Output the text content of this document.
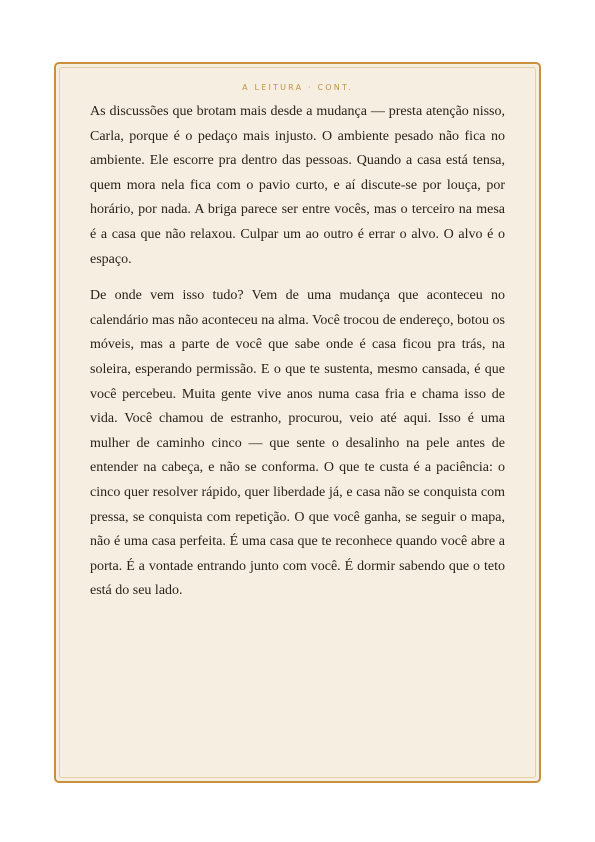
A LEITURA · CONT.

As discussões que brotam mais desde a mudança — presta atenção nisso, Carla, porque é o pedaço mais injusto. O ambiente pesado não fica no ambiente. Ele escorre pra dentro das pessoas. Quando a casa está tensa, quem mora nela fica com o pavio curto, e aí discute-se por louça, por horário, por nada. A briga parece ser entre vocês, mas o terceiro na mesa é a casa que não relaxou. Culpar um ao outro é errar o alvo. O alvo é o espaço.

De onde vem isso tudo? Vem de uma mudança que aconteceu no calendário mas não aconteceu na alma. Você trocou de endereço, botou os móveis, mas a parte de você que sabe onde é casa ficou pra trás, na soleira, esperando permissão. E o que te sustenta, mesmo cansada, é que você percebeu. Muita gente vive anos numa casa fria e chama isso de vida. Você chamou de estranho, procurou, veio até aqui. Isso é uma mulher de caminho cinco — que sente o desalinho na pele antes de entender na cabeça, e não se conforma. O que te custa é a paciência: o cinco quer resolver rápido, quer liberdade já, e casa não se conquista com pressa, se conquista com repetição. O que você ganha, se seguir o mapa, não é uma casa perfeita. É uma casa que te reconhece quando você abre a porta. É a vontade entrando junto com você. É dormir sabendo que o teto está do seu lado.
